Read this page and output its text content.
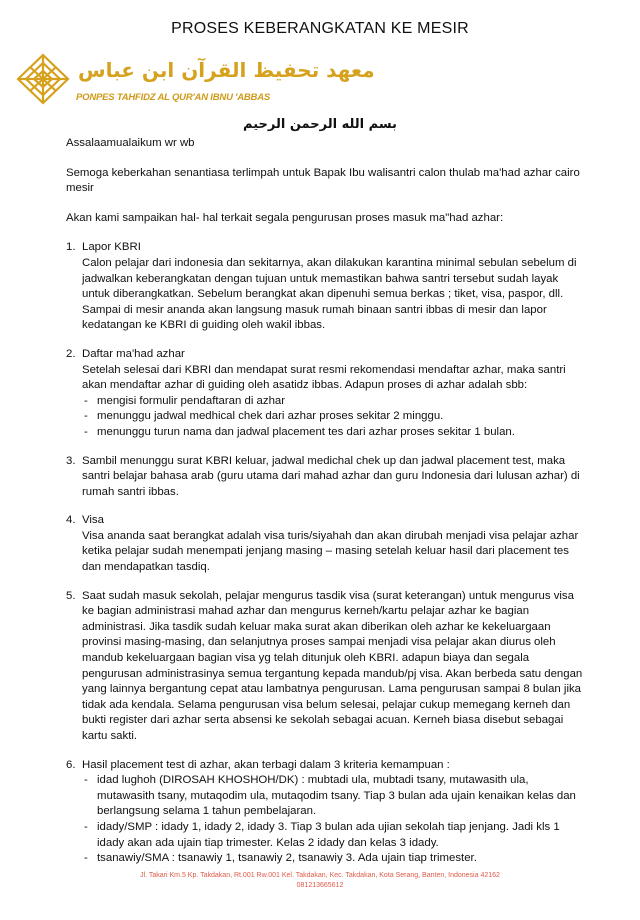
PROSES KEBERANGKATAN KE MESIR
معهد تحفيظ القرآن ابن عباس
PONPES TAHFIDZ AL QUR'AN IBNU 'ABBAS
بسم الله الرحمن الرحيم

Assalaamualaikum wr wb

Semoga keberkahan senantiasa terlimpah untuk Bapak Ibu walisantri calon thulab ma'had azhar cairo mesir

Akan kami sampaikan hal- hal terkait segala pengurusan proses masuk ma"had azhar:

1. Lapor KBRI
Calon pelajar dari indonesia dan sekitarnya, akan dilakukan karantina minimal sebulan sebelum di jadwalkan keberangkatan dengan tujuan untuk memastikan bahwa santri tersebut sudah layak untuk diberangkatkan. Sebelum berangkat akan dipenuhi semua berkas ; tiket, visa, paspor, dll. Sampai di mesir ananda akan langsung masuk rumah binaan santri ibbas di mesir dan lapor kedatangan ke KBRI di guiding oleh wakil ibbas.
2. Daftar ma'had azhar
Setelah selesai dari KBRI dan mendapat surat resmi rekomendasi mendaftar azhar, maka santri akan mendaftar azhar di guiding oleh asatidz ibbas. Adapun proses di azhar adalah sbb:
- mengisi formulir pendaftaran di azhar
- menunggu jadwal medhical chek dari azhar proses sekitar 2 minggu.
- menunggu turun nama dan jadwal placement tes dari azhar proses sekitar 1 bulan.
3. Sambil menunggu surat KBRI keluar, jadwal medichal chek up dan jadwal placement test, maka santri belajar bahasa arab (guru utama dari mahad azhar dan guru Indonesia dari lulusan azhar) di rumah santri ibbas.
4. Visa
Visa ananda saat berangkat adalah visa turis/siyahah dan akan dirubah menjadi visa pelajar azhar ketika pelajar sudah menempati jenjang masing – masing setelah keluar hasil dari placement tes dan mendapatkan tasdiq.
5. Saat sudah masuk sekolah, pelajar mengurus tasdik visa (surat keterangan) untuk mengurus visa ke bagian administrasi mahad azhar dan mengurus kerneh/kartu pelajar azhar ke bagian administrasi. Jika tasdik sudah keluar maka surat akan diberikan oleh azhar ke kekeluargaan provinsi masing-masing, dan selanjutnya proses sampai menjadi visa pelajar akan diurus oleh mandub kekeluargaan bagian visa yg telah ditunjuk oleh KBRI. adapun biaya dan segala pengurusan administrasinya semua tergantung kepada mandub/pj visa. Akan berbeda satu dengan yang lainnya bergantung cepat atau lambatnya pengurusan. Lama pengurusan sampai 8 bulan jika tidak ada kendala. Selama pengurusan visa belum selesai, pelajar cukup memegang kerneh dan bukti register dari azhar serta absensi ke sekolah sebagai acuan. Kerneh biasa disebut sebagai kartu sakti.
6. Hasil placement test di azhar, akan terbagi dalam 3 kriteria kemampuan :
- idad lughoh (DIROSAH KHOSHOH/DK) : mubtadi ula, mubtadi tsany, mutawasith ula, mutawasith tsany, mutaqodim ula, mutaqodim tsany. Tiap 3 bulan ada ujain kenaikan kelas dan berlangsung selama 1 tahun pembelajaran.
- idady/SMP : idady 1, idady 2, idady 3. Tiap 3 bulan ada ujian sekolah tiap jenjang. Jadi kls 1 idady akan ada ujain tiap trimester. Kelas 2 idady dan kelas 3 idady.
- tsanawiy/SMA : tsanawiy 1, tsanawiy 2, tsanawiy 3. Ada ujain tiap trimester.
Jl. Takari Km.5 Kp. Takdakan, Rt.001 Rw.001 Kel. Takdakan, Kec. Takdakan, Kota Serang, Banten, Indonesia 42162
081213665612
